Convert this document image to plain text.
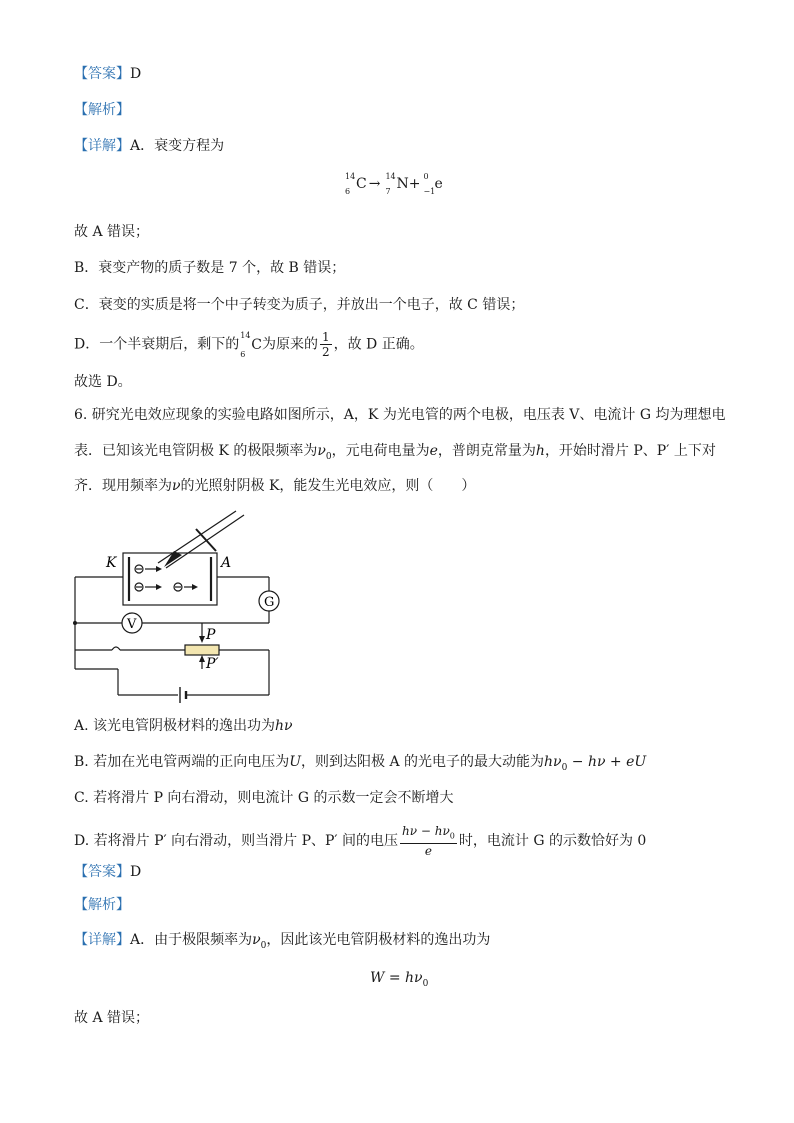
【答案】D
【解析】
【详解】A．衰变方程为
14
6 C → 14
7 N+ 0
−1 e
故 A 错误；
B．衰变产物的质子数是 7 个，故 B 错误；
C．衰变的实质是将一个中子转变为质子，并放出一个电子，故 C 错误；
D．一个半衰期后，剩下的
14
6
C为原来的 $\frac{1}{2}$ ，故 D 正确。
故选 D。
6. 研究光电效应现象的实验电路如图所示，A，K 为光电管的两个电极，电压表 V、电流计 G 均为理想电
表．已知该光电管阴极 K 的极限频率为$\nu_0$，元电荷电量为e，普朗克常量为h，开始时滑片 P、P′ 上下对
齐．现用频率为ν的光照射阴极 K，能发生光电效应，则（　　）
K	A
G
V
P
P′
A. 该光电管阴极材料的逸出功为hν
B. 若加在光电管两端的正向电压为U，则到达阳极 A 的光电子的最大动能为$h\nu_0 - h\nu$ + eU
C. 若将滑片 P 向右滑动，则电流计 G 的示数一定会不断增大
D. 若将滑片 P′ 向右滑动，则当滑片 P、P′ 间的电压 $\frac{h\nu - h\nu_0}{e}$ 时，电流计 G 的示数恰好为 0
【答案】D
【解析】
【详解】A．由于极限频率为$\nu_0$，因此该光电管阴极材料的逸出功为
$W = h\nu_0$
故 A 错误；
